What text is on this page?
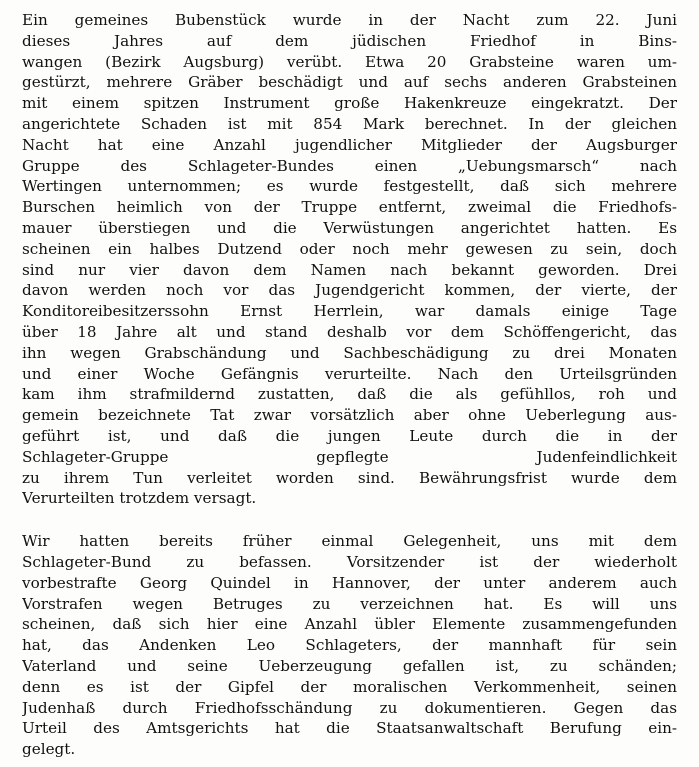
Ein gemeines Bubenstück wurde in der Nacht zum 22. Juni
dieses Jahres auf dem jüdischen Friedhof in Bins-
wangen (Bezirk Augsburg) verübt. Etwa 20 Grabsteine waren um-
gestürzt, mehrere Gräber beschädigt und auf sechs anderen Grabsteinen
mit einem spitzen Instrument große Hakenkreuze eingekratzt. Der
angerichtete Schaden ist mit 854 Mark berechnet. In der gleichen
Nacht hat eine Anzahl jugendlicher Mitglieder der Augsburger
Gruppe des Schlageter-Bundes einen „Uebungsmarsch“ nach
Wertingen unternommen; es wurde festgestellt, daß sich mehrere
Burschen heimlich von der Truppe entfernt, zweimal die Friedhofs-
mauer überstiegen und die Verwüstungen angerichtet hatten. Es
scheinen ein halbes Dutzend oder noch mehr gewesen zu sein, doch
sind nur vier davon dem Namen nach bekannt geworden. Drei
davon werden noch vor das Jugendgericht kommen, der vierte, der
Konditoreibesitzerssohn Ernst Herrlein, war damals einige Tage
über 18 Jahre alt und stand deshalb vor dem Schöffengericht, das
ihn wegen Grabschändung und Sachbeschädigung zu drei Monaten
und einer Woche Gefängnis verurteilte. Nach den Urteilsgründen
kam ihm strafmildernd zustatten, daß die als gefühllos, roh und
gemein bezeichnete Tat zwar vorsätzlich aber ohne Ueberlegung aus-
geführt ist, und daß die jungen Leute durch die in der
Schlageter-Gruppe gepflegte Judenfeindlichkeit
zu ihrem Tun verleitet worden sind. Bewährungsfrist wurde dem
Verurteilten trotzdem versagt.
Wir hatten bereits früher einmal Gelegenheit, uns mit dem
Schlageter-Bund zu befassen. Vorsitzender ist der wiederholt
vorbestrafte Georg Quindel in Hannover, der unter anderem auch
Vorstrafen wegen Betruges zu verzeichnen hat. Es will uns
scheinen, daß sich hier eine Anzahl übler Elemente zusammengefunden
hat, das Andenken Leo Schlageters, der mannhaft für sein
Vaterland und seine Ueberzeugung gefallen ist, zu schänden;
denn es ist der Gipfel der moralischen Verkommenheit, seinen
Judenhaß durch Friedhofsschändung zu dokumentieren. Gegen das
Urteil des Amtsgerichts hat die Staatsanwaltschaft Berufung ein-
gelegt.
